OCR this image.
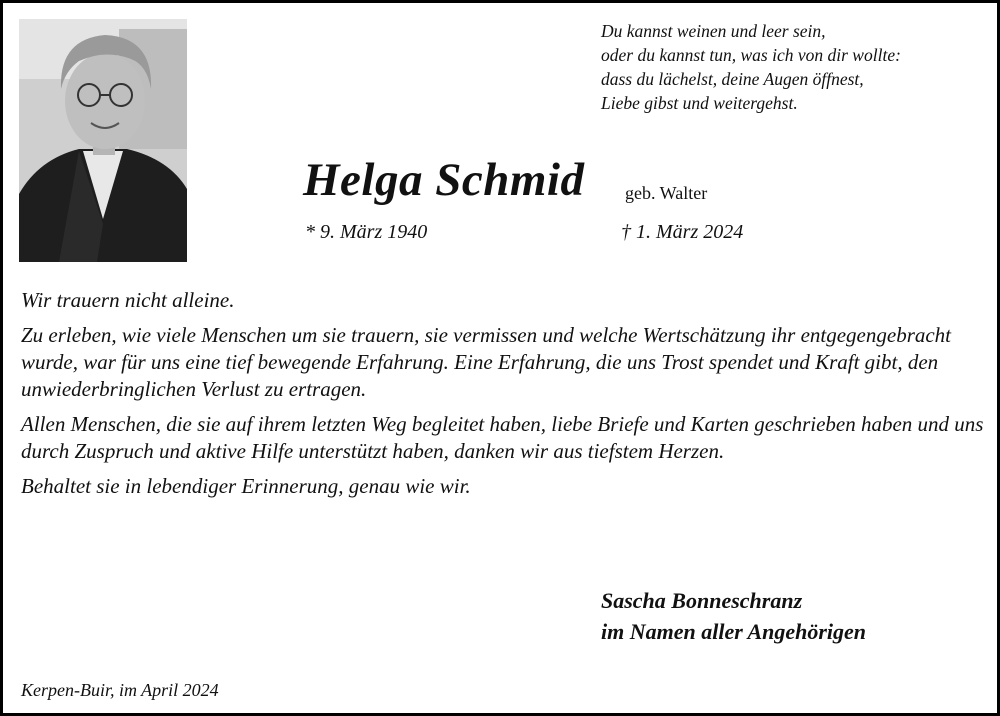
Du kannst weinen und leer sein,
oder du kannst tun, was ich von dir wollte:
dass du lächelst, deine Augen öffnest,
Liebe gibst und weitergehst.
Helga Schmid geb. Walter
* 9. März 1940	† 1. März 2024

Wir trauern nicht alleine.

Zu erleben, wie viele Menschen um sie trauern, sie vermissen und welche Wertschätzung ihr entgegengebracht wurde, war für uns eine tief bewegende Erfahrung. Eine Erfahrung, die uns Trost spendet und Kraft gibt, den unwiederbringlichen Verlust zu ertragen.

Allen Menschen, die sie auf ihrem letzten Weg begleitet haben, liebe Briefe und Karten geschrieben haben und uns durch Zuspruch und aktive Hilfe unterstützt haben, danken wir aus tiefstem Herzen.

Behaltet sie in lebendiger Erinnerung, genau wie wir.

Sascha Bonneschranz
im Namen aller Angehörigen
Kerpen-Buir, im April 2024
